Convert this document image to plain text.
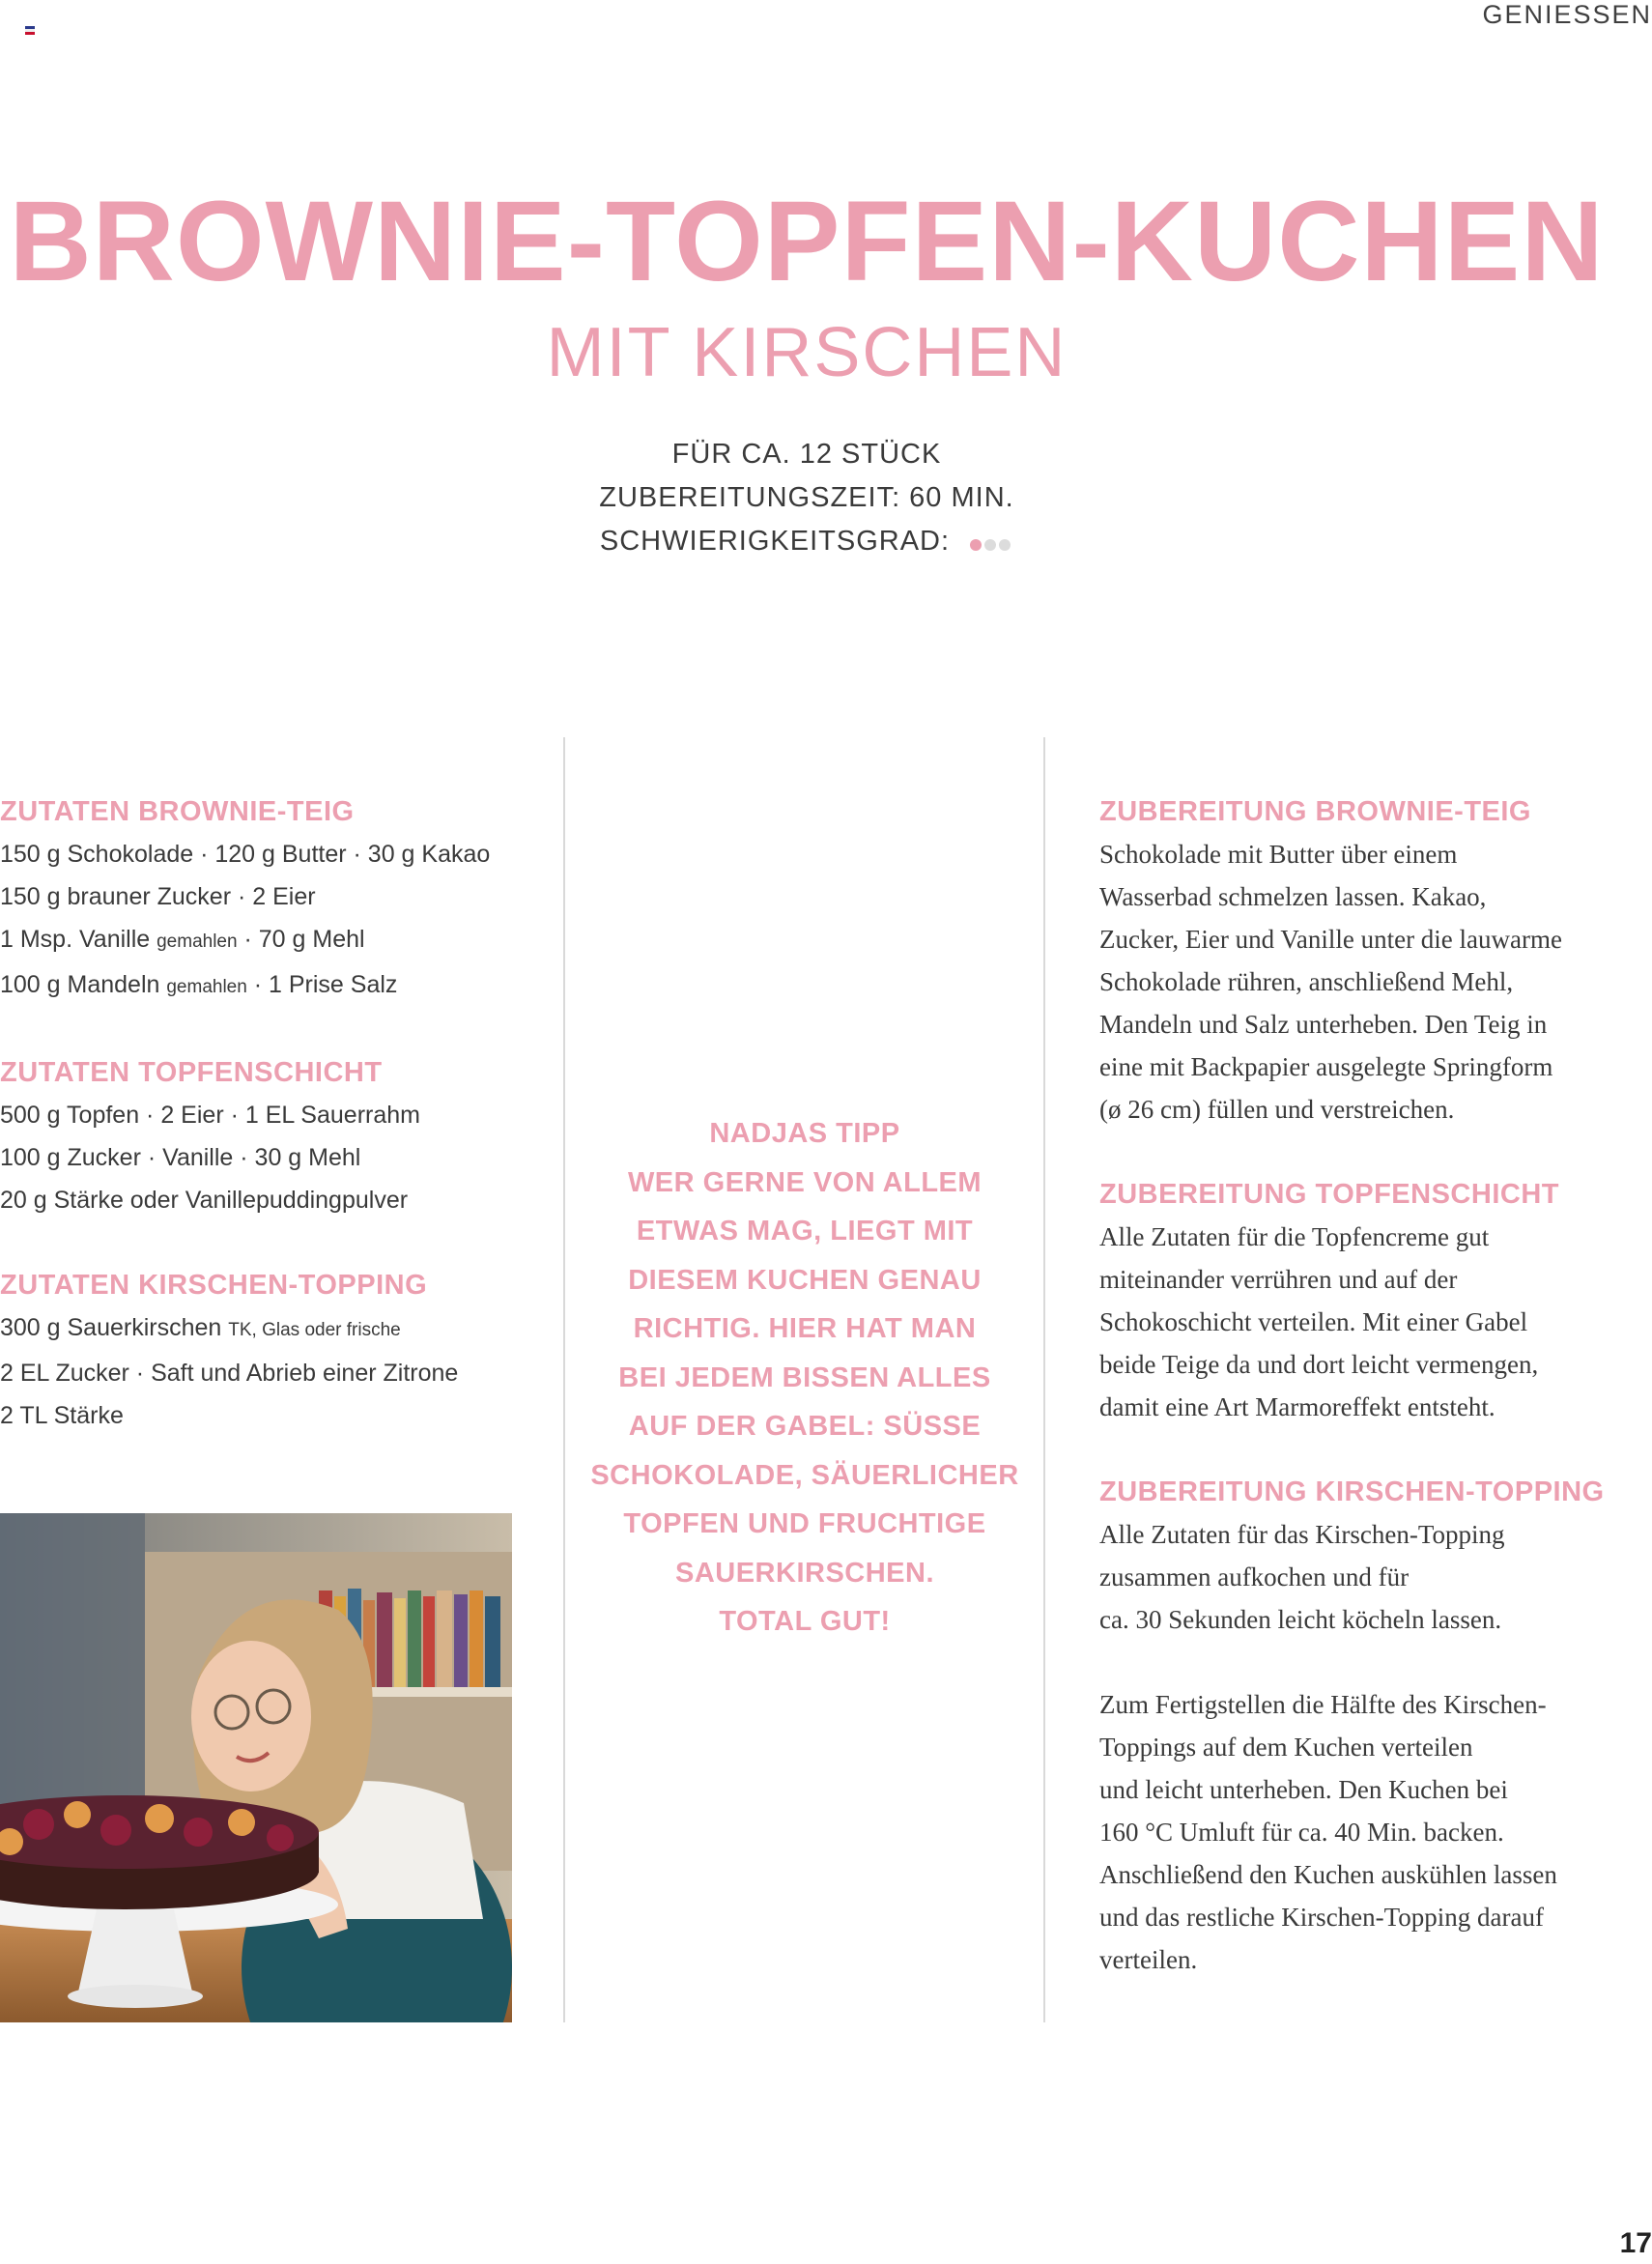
GENIESSEN
BROWNIE-TOPFEN-KUCHEN
MIT KIRSCHEN
FÜR CA. 12 STÜCK
ZUBEREITUNGSZEIT: 60 MIN.
SCHWIERIGKEITSGRAD:

ZUTATEN BROWNIE-TEIG

150 g Schokolade · 120 g Butter · 30 g Kakao

150 g brauner Zucker · 2 Eier

1 Msp. Vanille gemahlen · 70 g Mehl

100 g Mandeln gemahlen · 1 Prise Salz

ZUTATEN TOPFENSCHICHT

500 g Topfen · 2 Eier · 1 EL Sauerrahm

100 g Zucker · Vanille · 30 g Mehl

20 g Stärke oder Vanillepuddingpulver

ZUTATEN KIRSCHEN-TOPPING

300 g Sauerkirschen TK, Glas oder frische

2 EL Zucker · Saft und Abrieb einer Zitrone

2 TL Stärke

NADJAS TIPP
WER GERNE VON ALLEM
ETWAS MAG, LIEGT MIT
DIESEM KUCHEN GENAU
RICHTIG. HIER HAT MAN
BEI JEDEM BISSEN ALLES
AUF DER GABEL: SÜSSE
SCHOKOLADE, SÄUERLICHER
TOPFEN UND FRUCHTIGE
SAUERKIRSCHEN.
TOTAL GUT!

ZUBEREITUNG BROWNIE-TEIG

Schokolade mit Butter über einem

Wasserbad schmelzen lassen. Kakao,

Zucker, Eier und Vanille unter die lauwarme

Schokolade rühren, anschließend Mehl,

Mandeln und Salz unterheben. Den Teig in

eine mit Backpapier ausgelegte Springform

(ø 26 cm) füllen und verstreichen.

ZUBEREITUNG TOPFENSCHICHT

Alle Zutaten für die Topfencreme gut

miteinander verrühren und auf der

Schokoschicht verteilen. Mit einer Gabel

beide Teige da und dort leicht vermengen,

damit eine Art Marmoreffekt entsteht.

ZUBEREITUNG KIRSCHEN-TOPPING

Alle Zutaten für das Kirschen-Topping

zusammen aufkochen und für

ca. 30 Sekunden leicht köcheln lassen.

Zum Fertigstellen die Hälfte des Kirschen-

Toppings auf dem Kuchen verteilen

und leicht unterheben. Den Kuchen bei

160 °C Umluft für ca. 40 Min. backen.

Anschließend den Kuchen auskühlen lassen

und das restliche Kirschen-Topping darauf

verteilen.

17
